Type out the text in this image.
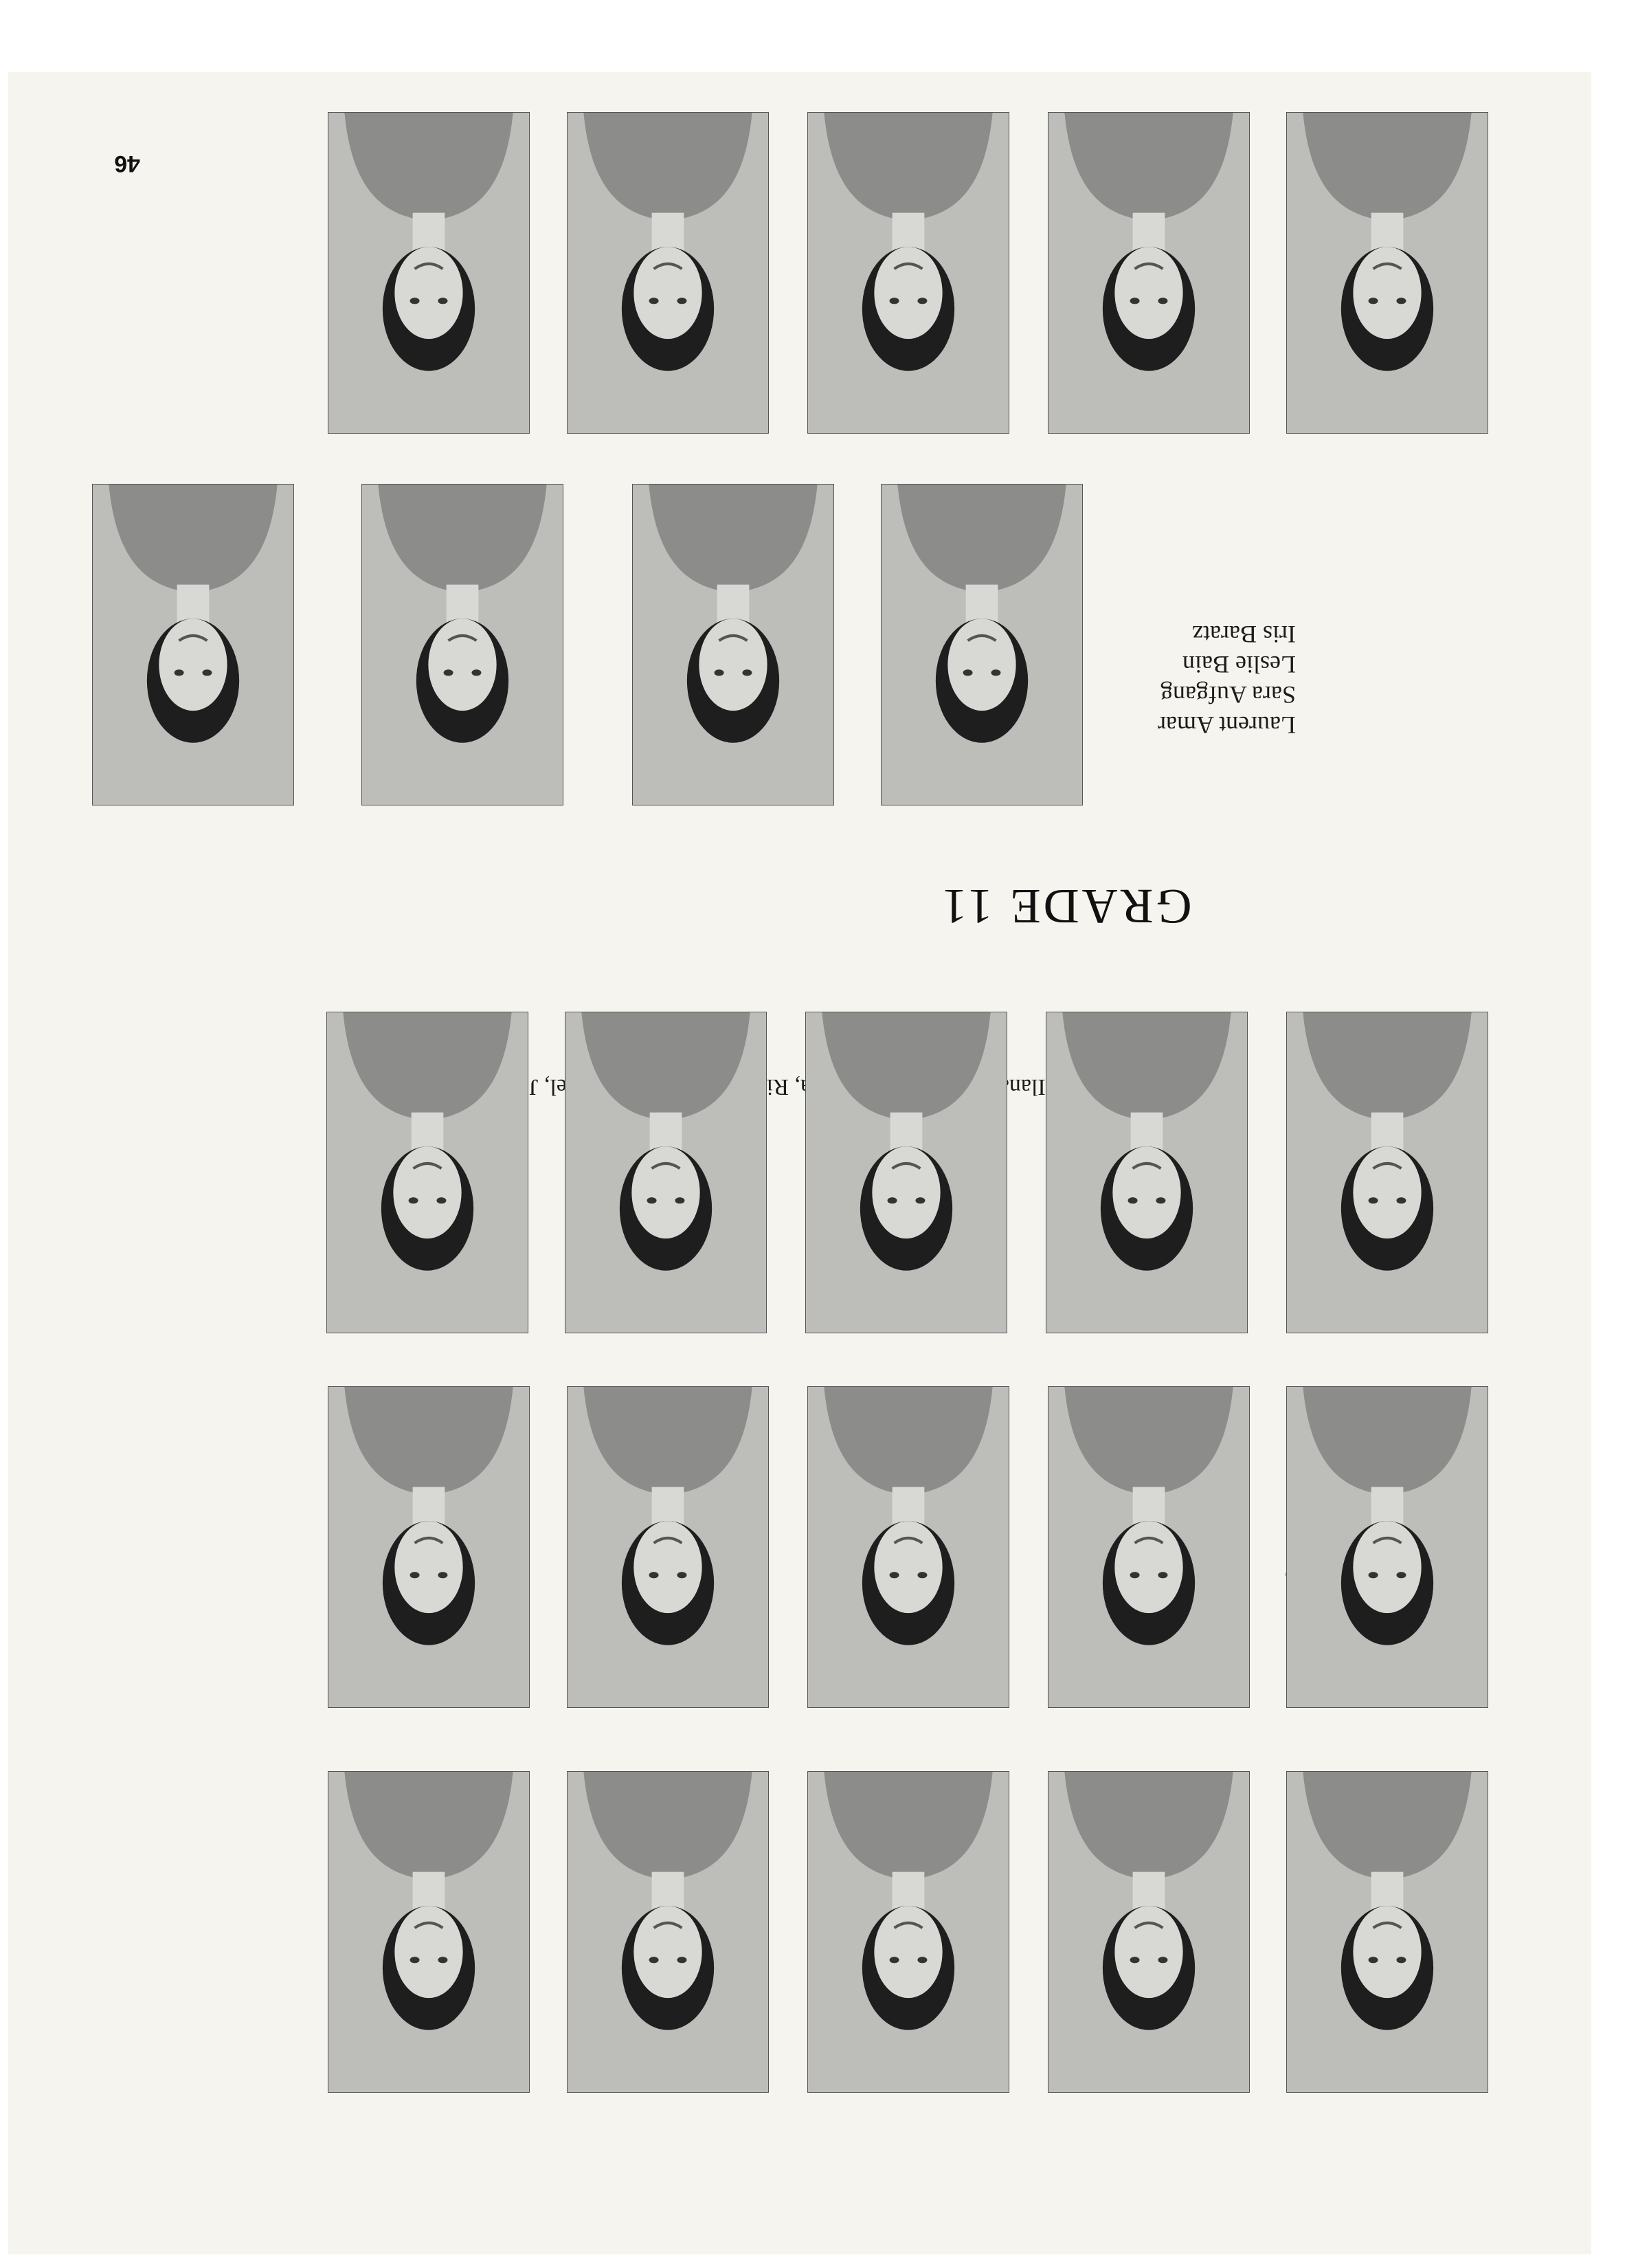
46
GRADE 11
Ilana
Laurent Amar
Sara Aufgang
Leslie Bain
Iris Baratz
